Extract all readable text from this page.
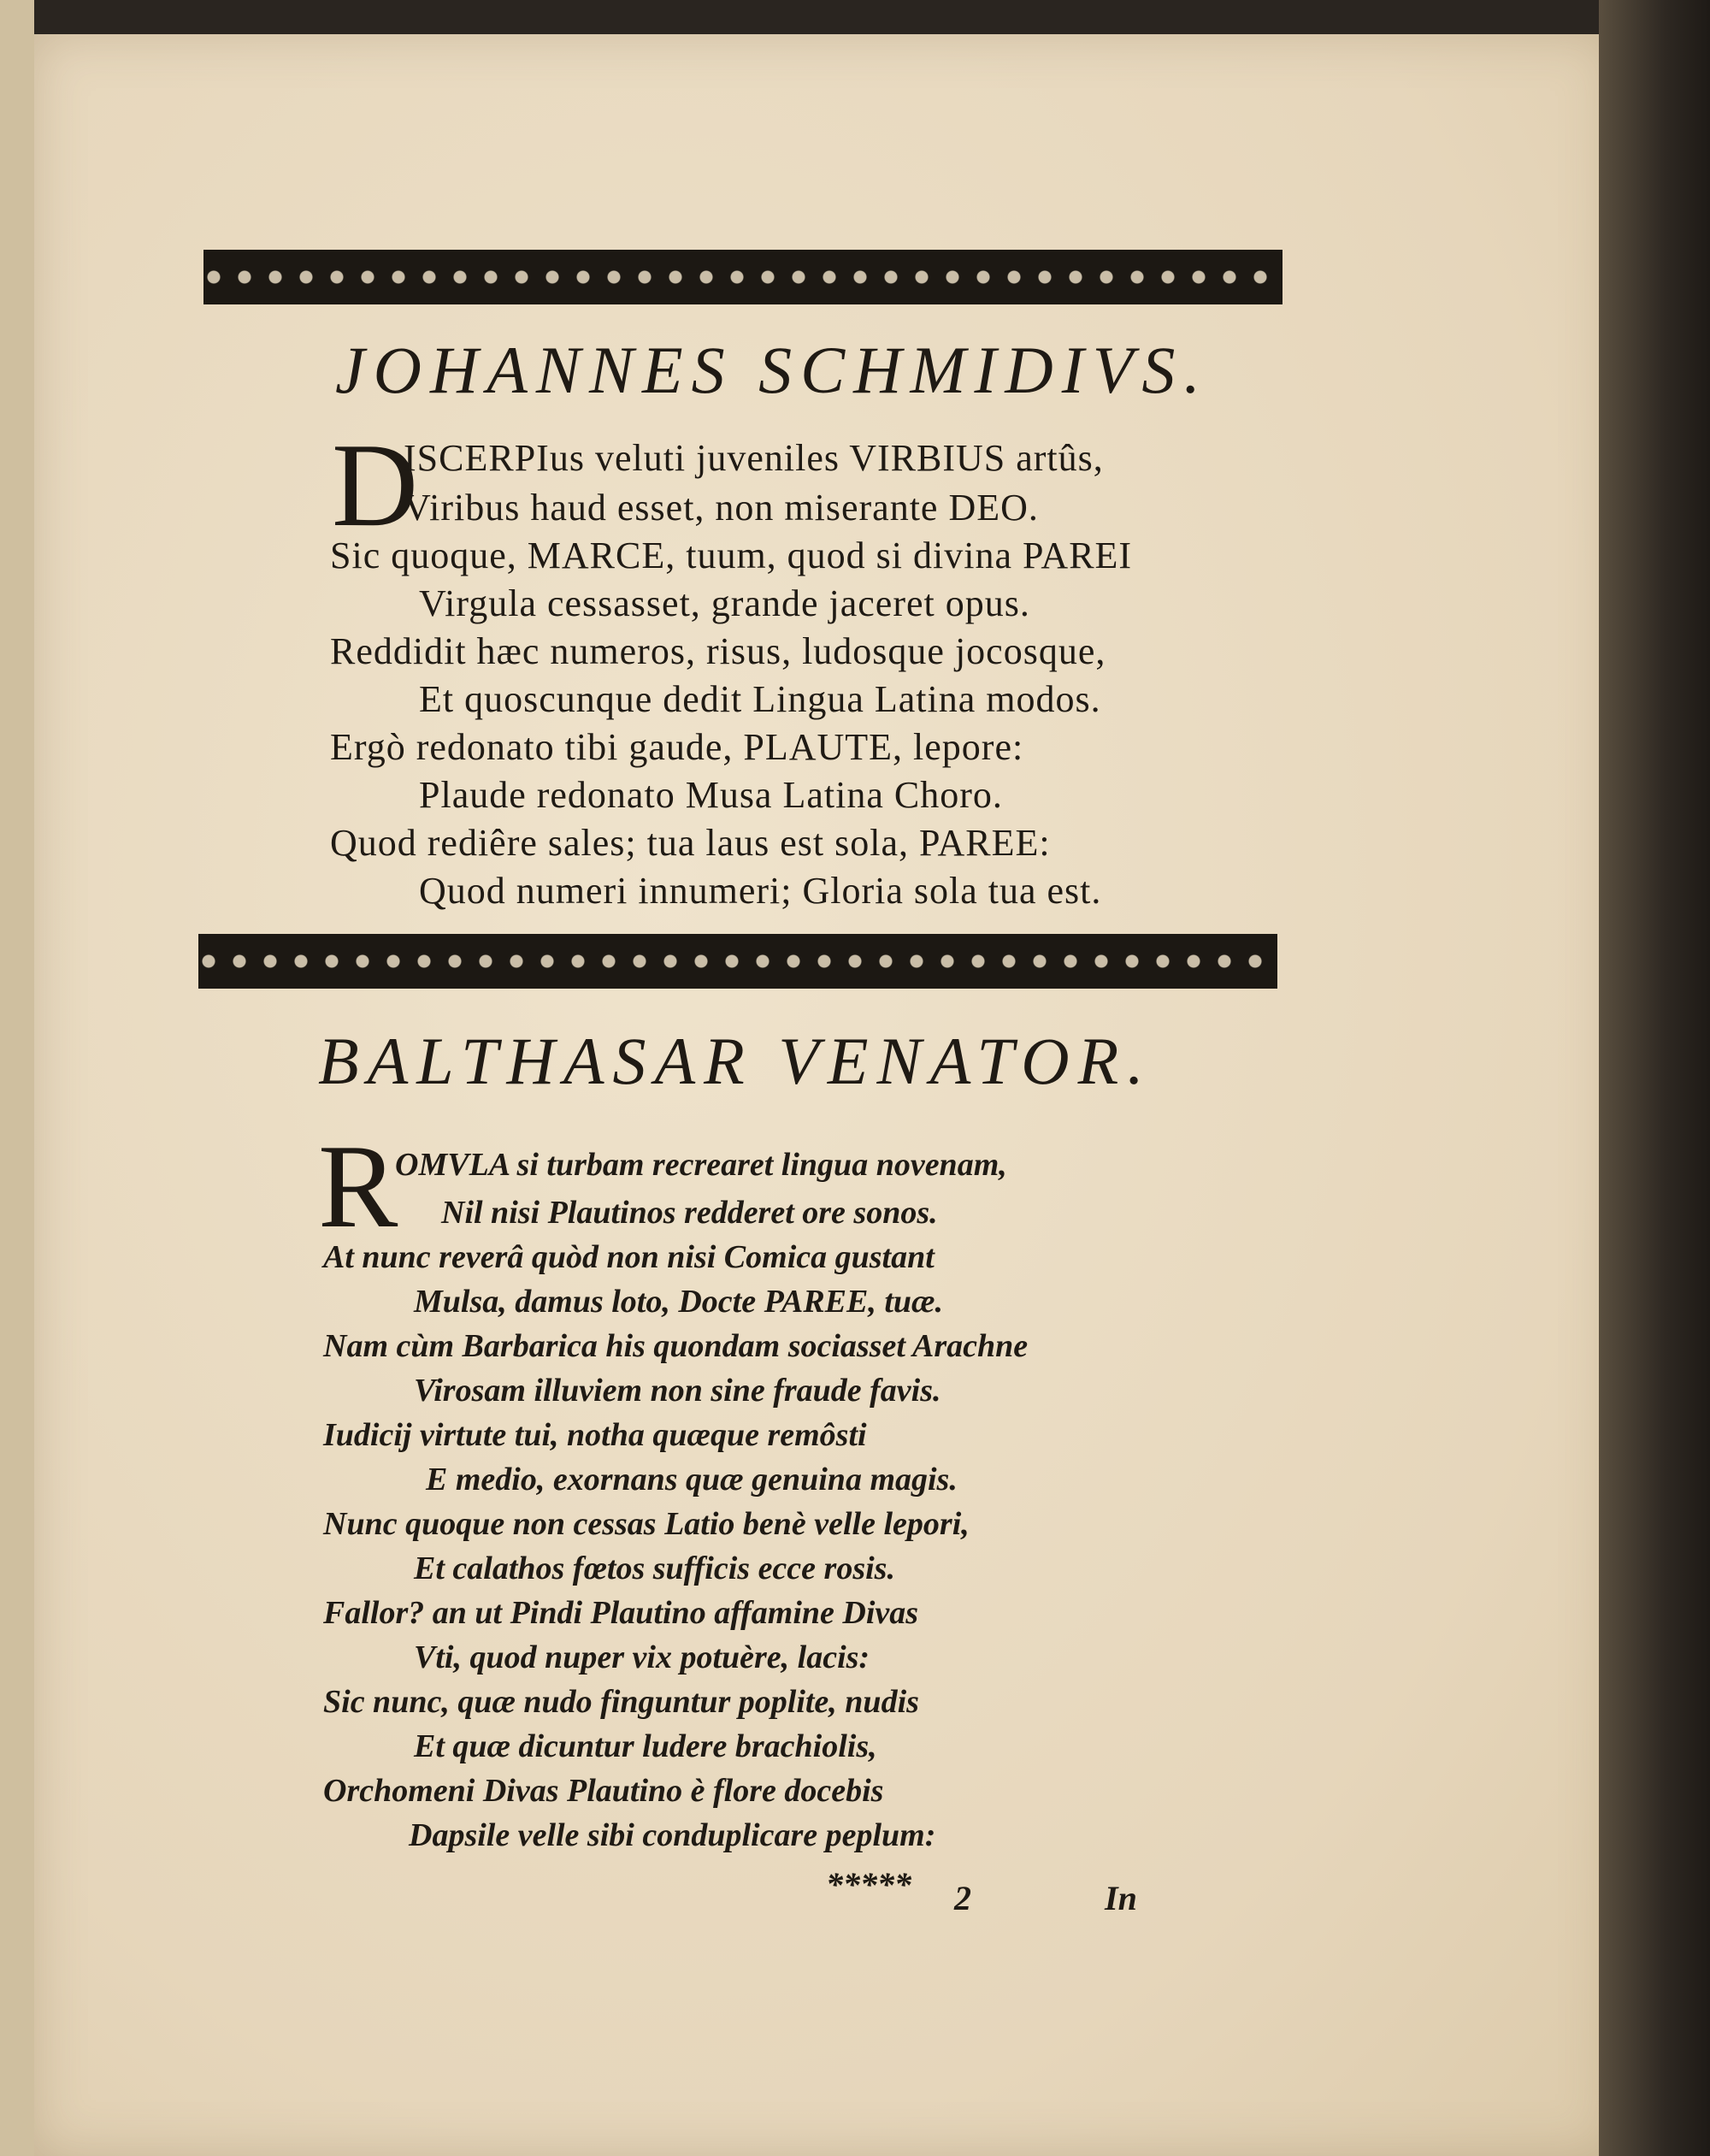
JOHANNES SCHMIDIVS.
D
ISCERPIus veluti juveniles VIRBIUS artûs,
Viribus haud esset, non miserante DEO.
Sic quoque, MARCE, tuum, quod si divina PAREI
Virgula cessasset, grande jaceret opus.
Reddidit hæc numeros, risus, ludosque jocosque,
Et quoscunque dedit Lingua Latina modos.
Ergò redonato tibi gaude, PLAUTE, lepore:
Plaude redonato Musa Latina Choro.
Quod rediêre sales; tua laus est sola, PAREE:
Quod numeri innumeri; Gloria sola tua est.
BALTHASAR VENATOR.
R
OMVLA si turbam recrearet lingua novenam,
Nil nisi Plautinos redderet ore sonos.
At nunc reverâ quòd non nisi Comica gustant
Mulsa, damus loto, Docte PAREE, tuæ.
Nam cùm Barbarica his quondam sociasset Arachne
Virosam illuviem non sine fraude favis.
Iudicij virtute tui, notha quæque remôsti
E medio, exornans quæ genuina magis.
Nunc quoque non cessas Latio benè velle lepori,
Et calathos fœtos sufficis ecce rosis.
Fallor? an ut Pindi Plautino affamine Divas
Vti, quod nuper vix potuère, lacis:
Sic nunc, quæ nudo finguntur poplite, nudis
Et quæ dicuntur ludere brachiolis,
Orchomeni Divas Plautino è flore docebis
Dapsile velle sibi conduplicare peplum:
***** 2	In
